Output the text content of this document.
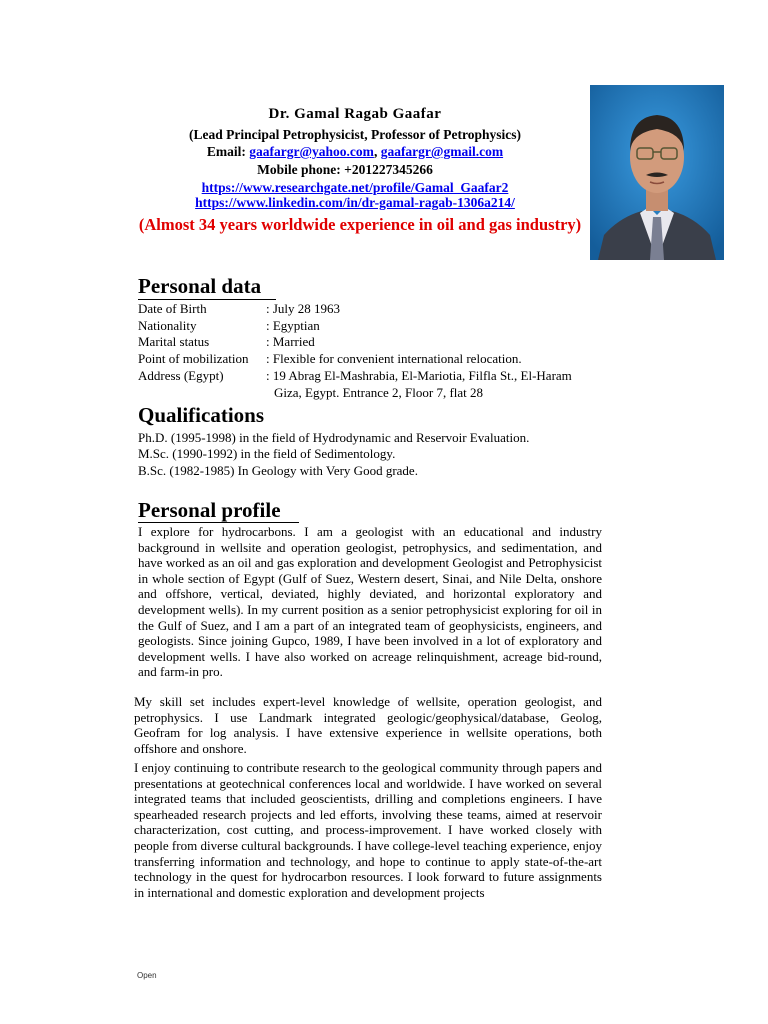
Dr. Gamal Ragab Gaafar
(Lead Principal Petrophysicist, Professor of Petrophysics)
Email: gaafargr@yahoo.com, gaafargr@gmail.com
Mobile phone: +201227345266
https://www.researchgate.net/profile/Gamal_Gaafar2
https://www.linkedin.com/in/dr-gamal-ragab-1306a214/
(Almost 34 years worldwide experience in oil and gas industry)
Personal data
Date of Birth	: July 28 1963
Nationality	: Egyptian
Marital status	: Married
Point of mobilization : Flexible for convenient international relocation.
Address (Egypt)	: 19 Abrag El-Mashrabia, El-Mariotia, Filfla St., El-Haram
Giza, Egypt. Entrance 2, Floor 7, flat 28
Qualifications
Ph.D. (1995-1998) in the field of Hydrodynamic and Reservoir Evaluation.
M.Sc. (1990-1992) in the field of Sedimentology.
B.Sc. (1982-1985) In Geology with Very Good grade.
Personal profile
I explore for hydrocarbons. I am a geologist with an educational and industry background in wellsite and operation geologist, petrophysics, and sedimentation, and have worked as an oil and gas exploration and development Geologist and Petrophysicist in whole section of Egypt (Gulf of Suez, Western desert, Sinai, and Nile Delta, onshore and offshore, vertical, deviated, highly deviated, and horizontal exploratory and development wells). In my current position as a senior petrophysicist exploring for oil in the Gulf of Suez, and I am a part of an integrated team of geophysicists, engineers, and geologists. Since joining Gupco, 1989, I have been involved in a lot of exploratory and development wells. I have also worked on acreage relinquishment, acreage bid-round, and farm-in pro.
My skill set includes expert-level knowledge of wellsite, operation geologist, and petrophysics. I use Landmark integrated geologic/geophysical/database, Geolog, Geofram for log analysis. I have extensive experience in wellsite operations, both offshore and onshore.
I enjoy continuing to contribute research to the geological community through papers and presentations at geotechnical conferences local and worldwide. I have worked on several integrated teams that included geoscientists, drilling and completions engineers. I have spearheaded research projects and led efforts, involving these teams, aimed at reservoir characterization, cost cutting, and process-improvement. I have worked closely with people from diverse cultural backgrounds. I have college-level teaching experience, enjoy transferring information and technology, and hope to continue to apply state-of-the-art technology in the quest for hydrocarbon resources. I look forward to future assignments in international and domestic exploration and development projects
Open
